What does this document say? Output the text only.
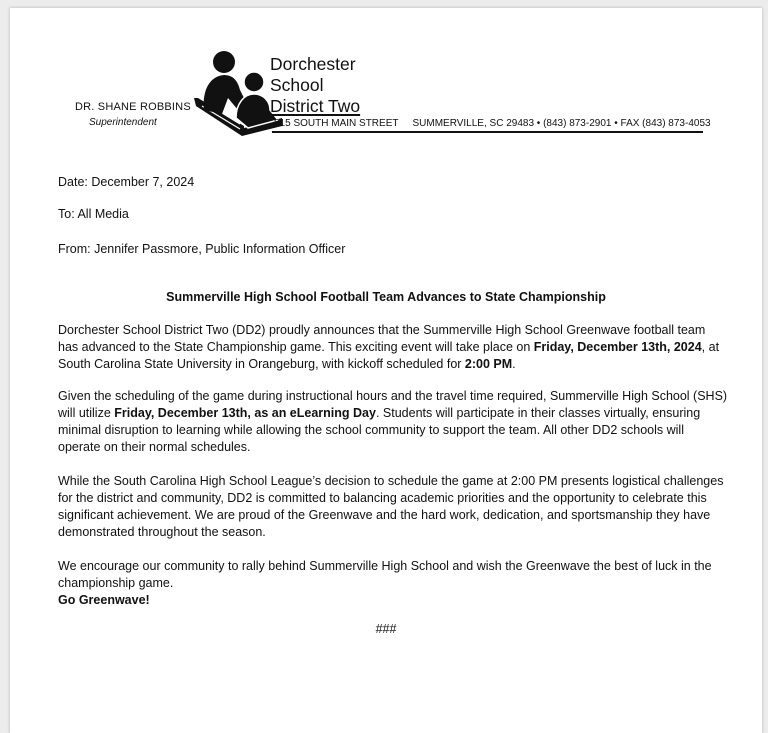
DR. SHANE ROBBINS
Superintendent
Dorchester
School
District Two
815 SOUTH MAIN STREET SUMMERVILLE, SC 29483 • (843) 873-2901 • FAX (843) 873-4053
Date: December 7, 2024
To: All Media
From: Jennifer Passmore, Public Information Officer
Summerville High School Football Team Advances to State Championship
Dorchester School District Two (DD2) proudly announces that the Summerville High School Greenwave football team has advanced to the State Championship game. This exciting event will take place on Friday, December 13th, 2024, at South Carolina State University in Orangeburg, with kickoff scheduled for 2:00 PM.
Given the scheduling of the game during instructional hours and the travel time required, Summerville High School (SHS) will utilize Friday, December 13th, as an eLearning Day. Students will participate in their classes virtually, ensuring minimal disruption to learning while allowing the school community to support the team. All other DD2 schools will operate on their normal schedules.
While the South Carolina High School League’s decision to schedule the game at 2:00 PM presents logistical challenges for the district and community, DD2 is committed to balancing academic priorities and the opportunity to celebrate this significant achievement. We are proud of the Greenwave and the hard work, dedication, and sportsmanship they have demonstrated throughout the season.
We encourage our community to rally behind Summerville High School and wish the Greenwave the best of luck in the championship game.
Go Greenwave!
###
